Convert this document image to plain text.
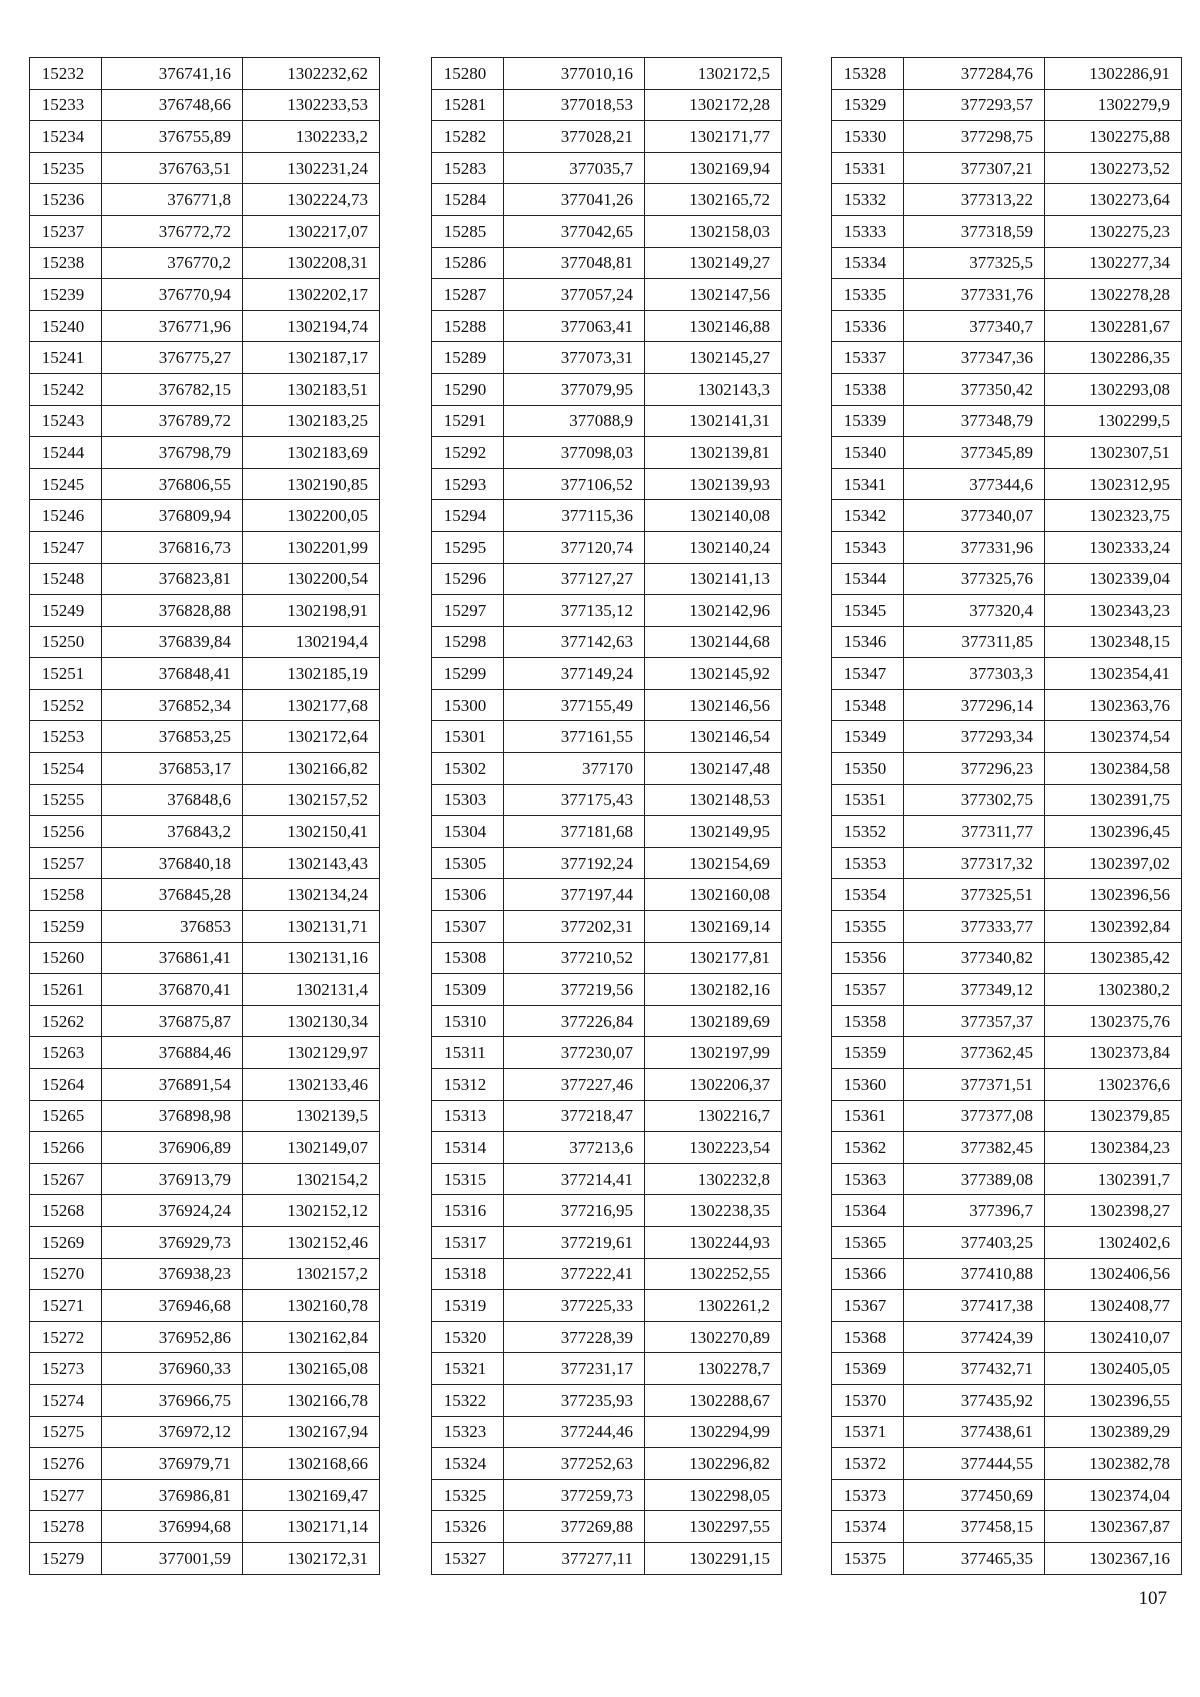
15232	376741,16	1302232,62
15233	376748,66	1302233,53
15234	376755,89	1302233,2
15235	376763,51	1302231,24
15236	376771,8	1302224,73
15237	376772,72	1302217,07
15238	376770,2	1302208,31
15239	376770,94	1302202,17
15240	376771,96	1302194,74
15241	376775,27	1302187,17
15242	376782,15	1302183,51
15243	376789,72	1302183,25
15244	376798,79	1302183,69
15245	376806,55	1302190,85
15246	376809,94	1302200,05
15247	376816,73	1302201,99
15248	376823,81	1302200,54
15249	376828,88	1302198,91
15250	376839,84	1302194,4
15251	376848,41	1302185,19
15252	376852,34	1302177,68
15253	376853,25	1302172,64
15254	376853,17	1302166,82
15255	376848,6	1302157,52
15256	376843,2	1302150,41
15257	376840,18	1302143,43
15258	376845,28	1302134,24
15259	376853	1302131,71
15260	376861,41	1302131,16
15261	376870,41	1302131,4
15262	376875,87	1302130,34
15263	376884,46	1302129,97
15264	376891,54	1302133,46
15265	376898,98	1302139,5
15266	376906,89	1302149,07
15267	376913,79	1302154,2
15268	376924,24	1302152,12
15269	376929,73	1302152,46
15270	376938,23	1302157,2
15271	376946,68	1302160,78
15272	376952,86	1302162,84
15273	376960,33	1302165,08
15274	376966,75	1302166,78
15275	376972,12	1302167,94
15276	376979,71	1302168,66
15277	376986,81	1302169,47
15278	376994,68	1302171,14
15279	377001,59	1302172,31
15280	377010,16	1302172,5
15281	377018,53	1302172,28
15282	377028,21	1302171,77
15283	377035,7	1302169,94
15284	377041,26	1302165,72
15285	377042,65	1302158,03
15286	377048,81	1302149,27
15287	377057,24	1302147,56
15288	377063,41	1302146,88
15289	377073,31	1302145,27
15290	377079,95	1302143,3
15291	377088,9	1302141,31
15292	377098,03	1302139,81
15293	377106,52	1302139,93
15294	377115,36	1302140,08
15295	377120,74	1302140,24
15296	377127,27	1302141,13
15297	377135,12	1302142,96
15298	377142,63	1302144,68
15299	377149,24	1302145,92
15300	377155,49	1302146,56
15301	377161,55	1302146,54
15302	377170	1302147,48
15303	377175,43	1302148,53
15304	377181,68	1302149,95
15305	377192,24	1302154,69
15306	377197,44	1302160,08
15307	377202,31	1302169,14
15308	377210,52	1302177,81
15309	377219,56	1302182,16
15310	377226,84	1302189,69
15311	377230,07	1302197,99
15312	377227,46	1302206,37
15313	377218,47	1302216,7
15314	377213,6	1302223,54
15315	377214,41	1302232,8
15316	377216,95	1302238,35
15317	377219,61	1302244,93
15318	377222,41	1302252,55
15319	377225,33	1302261,2
15320	377228,39	1302270,89
15321	377231,17	1302278,7
15322	377235,93	1302288,67
15323	377244,46	1302294,99
15324	377252,63	1302296,82
15325	377259,73	1302298,05
15326	377269,88	1302297,55
15327	377277,11	1302291,15
15328	377284,76	1302286,91
15329	377293,57	1302279,9
15330	377298,75	1302275,88
15331	377307,21	1302273,52
15332	377313,22	1302273,64
15333	377318,59	1302275,23
15334	377325,5	1302277,34
15335	377331,76	1302278,28
15336	377340,7	1302281,67
15337	377347,36	1302286,35
15338	377350,42	1302293,08
15339	377348,79	1302299,5
15340	377345,89	1302307,51
15341	377344,6	1302312,95
15342	377340,07	1302323,75
15343	377331,96	1302333,24
15344	377325,76	1302339,04
15345	377320,4	1302343,23
15346	377311,85	1302348,15
15347	377303,3	1302354,41
15348	377296,14	1302363,76
15349	377293,34	1302374,54
15350	377296,23	1302384,58
15351	377302,75	1302391,75
15352	377311,77	1302396,45
15353	377317,32	1302397,02
15354	377325,51	1302396,56
15355	377333,77	1302392,84
15356	377340,82	1302385,42
15357	377349,12	1302380,2
15358	377357,37	1302375,76
15359	377362,45	1302373,84
15360	377371,51	1302376,6
15361	377377,08	1302379,85
15362	377382,45	1302384,23
15363	377389,08	1302391,7
15364	377396,7	1302398,27
15365	377403,25	1302402,6
15366	377410,88	1302406,56
15367	377417,38	1302408,77
15368	377424,39	1302410,07
15369	377432,71	1302405,05
15370	377435,92	1302396,55
15371	377438,61	1302389,29
15372	377444,55	1302382,78
15373	377450,69	1302374,04
15374	377458,15	1302367,87
15375	377465,35	1302367,16
107
